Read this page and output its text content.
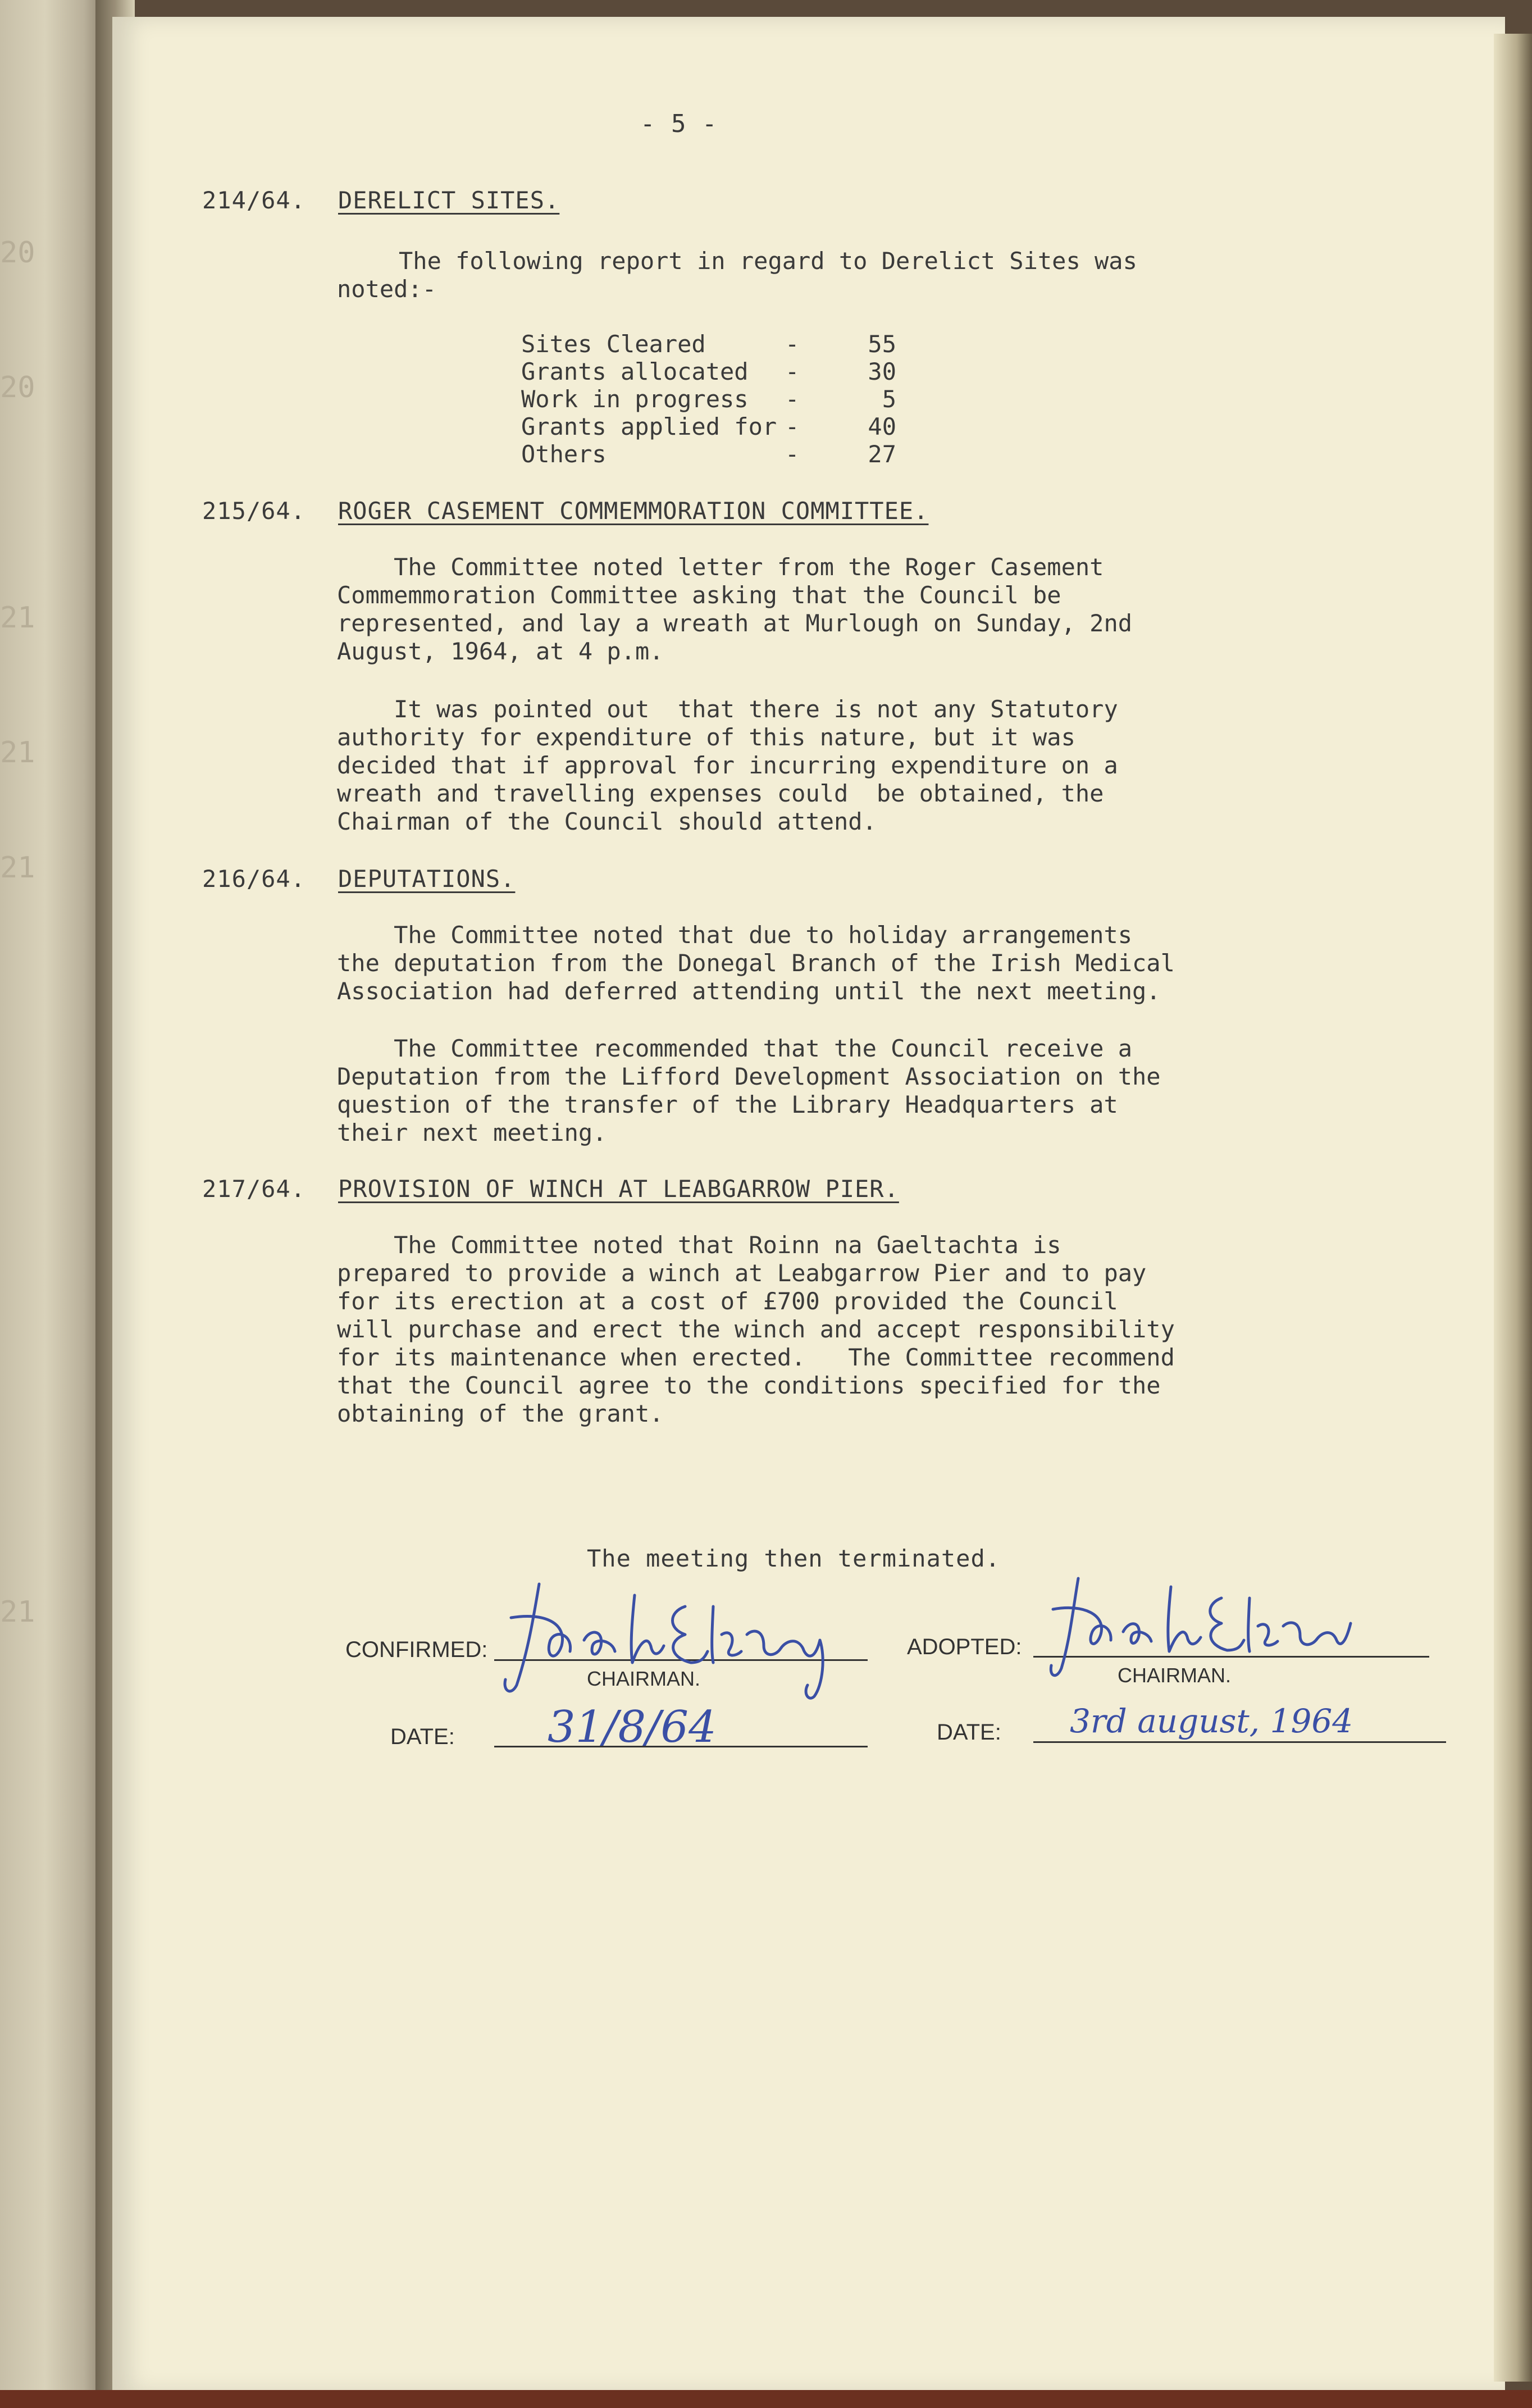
20
20
21
21
21
21
- 5 -
214/64. DERELICT SITES.
The following report in regard to Derelict Sites was
noted:-
Sites Cleared	-	55
Grants allocated	-	30
Work in progress	-	5
Grants applied for	-	40
Others	-	27
215/64. ROGER CASEMENT COMMEMMORATION COMMITTEE.
The Committee noted letter from the Roger Casement
Commemmoration Committee asking that the Council be
represented, and lay a wreath at Murlough on Sunday, 2nd
August, 1964, at 4 p.m.
It was pointed out  that there is not any Statutory
authority for expenditure of this nature, but it was
decided that if approval for incurring expenditure on a
wreath and travelling expenses could  be obtained, the
Chairman of the Council should attend.
216/64. DEPUTATIONS.
The Committee noted that due to holiday arrangements
the deputation from the Donegal Branch of the Irish Medical
Association had deferred attending until the next meeting.
The Committee recommended that the Council receive a
Deputation from the Lifford Development Association on the
question of the transfer of the Library Headquarters at
their next meeting.
217/64. PROVISION OF WINCH AT LEABGARROW PIER.
The Committee noted that Roinn na Gaeltachta is
prepared to provide a winch at Leabgarrow Pier and to pay
for its erection at a cost of £700 provided the Council
will purchase and erect the winch and accept responsibility
for its maintenance when erected.   The Committee recommend
that the Council agree to the conditions specified for the
obtaining of the grant.
The meeting then terminated.
CONFIRMED:
CHAIRMAN.
DATE: 31/8/64
ADOPTED:
CHAIRMAN.
DATE: 3rd august, 1964
